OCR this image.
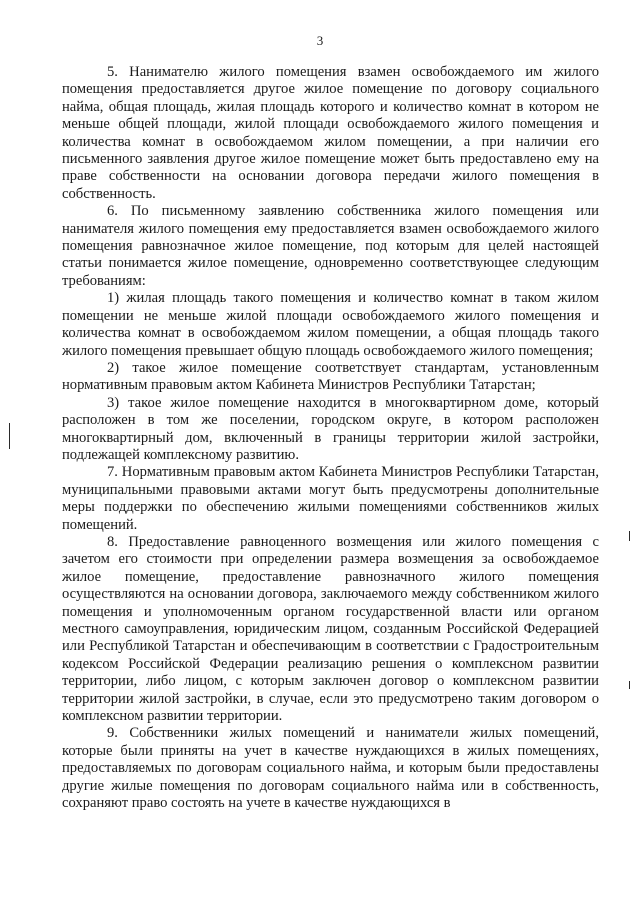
3

5. Нанимателю жилого помещения взамен освобождаемого им жилого помещения предоставляется другое жилое помещение по договору социального найма, общая площадь, жилая площадь которого и количество комнат в котором не меньше общей площади, жилой площади освобождаемого жилого помещения и количества комнат в освобождаемом жилом помещении, а при наличии его письменного заявления другое жилое помещение может быть предоставлено ему на праве собственности на основании договора передачи жилого помещения в собственность.

6. По письменному заявлению собственника жилого помещения или нанимателя жилого помещения ему предоставляется взамен освобождаемого жилого помещения равнозначное жилое помещение, под которым для целей настоящей статьи понимается жилое помещение, одновременно соответствующее следующим требованиям:

1) жилая площадь такого помещения и количество комнат в таком жилом помещении не меньше жилой площади освобождаемого жилого помещения и количества комнат в освобождаемом жилом помещении, а общая площадь такого жилого помещения превышает общую площадь освобождаемого жилого помещения;

2) такое жилое помещение соответствует стандартам, установленным нормативным правовым актом Кабинета Министров Республики Татарстан;

3) такое жилое помещение находится в многоквартирном доме, который расположен в том же поселении, городском округе, в котором расположен многоквартирный дом, включенный в границы территории жилой застройки, подлежащей комплексному развитию.

7. Нормативным правовым актом Кабинета Министров Республики Татарстан, муниципальными правовыми актами могут быть предусмотрены дополнительные меры поддержки по обеспечению жилыми помещениями собственников жилых помещений.

8. Предоставление равноценного возмещения или жилого помещения с зачетом его стоимости при определении размера возмещения за освобождаемое жилое помещение, предоставление равнозначного жилого помещения осуществляются на основании договора, заключаемого между собственником жилого помещения и уполномоченным органом государственной власти или органом местного самоуправления, юридическим лицом, созданным Российской Федерацией или Республикой Татарстан и обеспечивающим в соответствии с Градостроительным кодексом Российской Федерации реализацию решения о комплексном развитии территории, либо лицом, с которым заключен договор о комплексном развитии территории жилой застройки, в случае, если это предусмотрено таким договором о комплексном развитии территории.

9. Собственники жилых помещений и наниматели жилых помещений, которые были приняты на учет в качестве нуждающихся в жилых помещениях, предоставляемых по договорам социального найма, и которым были предоставлены другие жилые помещения по договорам социального найма или в собственность, сохраняют право состоять на учете в качестве нуждающихся в
